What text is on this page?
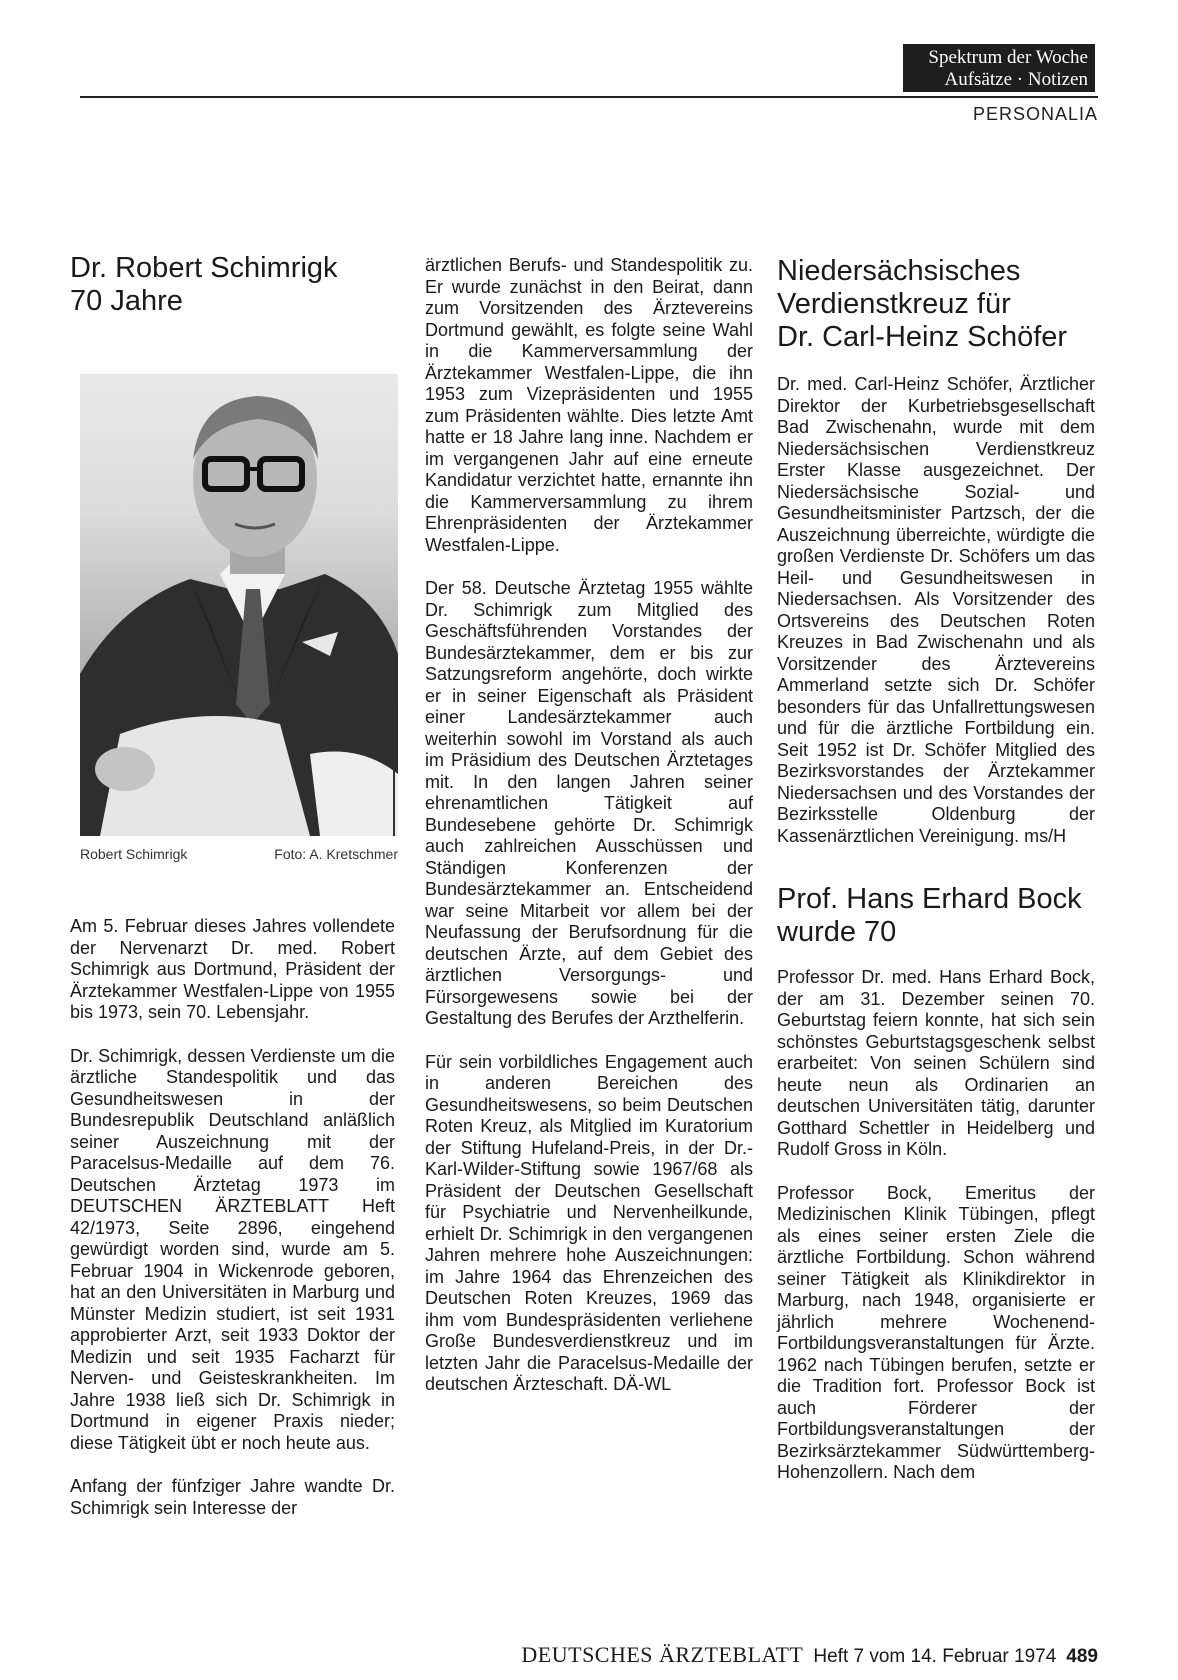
Spektrum der Woche
Aufsätze · Notizen
PERSONALIA
Dr. Robert Schimrigk
70 Jahre
Robert Schimrigk	Foto: A. Kretschmer

Am 5. Februar dieses Jahres vollendete der Nervenarzt Dr. med. Robert Schimrigk aus Dortmund, Präsident der Ärztekammer Westfalen-Lippe von 1955 bis 1973, sein 70. Lebensjahr.

Dr. Schimrigk, dessen Verdienste um die ärztliche Standespolitik und das Gesundheitswesen in der Bundesrepublik Deutschland anläßlich seiner Auszeichnung mit der Paracelsus-Medaille auf dem 76. Deutschen Ärztetag 1973 im DEUTSCHEN ÄRZTEBLATT Heft 42/1973, Seite 2896, eingehend gewürdigt worden sind, wurde am 5. Februar 1904 in Wickenrode geboren, hat an den Universitäten in Marburg und Münster Medizin studiert, ist seit 1931 approbierter Arzt, seit 1933 Doktor der Medizin und seit 1935 Facharzt für Nerven- und Geisteskrankheiten. Im Jahre 1938 ließ sich Dr. Schimrigk in Dortmund in eigener Praxis nieder; diese Tätigkeit übt er noch heute aus.

Anfang der fünfziger Jahre wandte Dr. Schimrigk sein Interesse der

ärztlichen Berufs- und Standespolitik zu. Er wurde zunächst in den Beirat, dann zum Vorsitzenden des Ärztevereins Dortmund gewählt, es folgte seine Wahl in die Kammerversammlung der Ärztekammer Westfalen-Lippe, die ihn 1953 zum Vizepräsidenten und 1955 zum Präsidenten wählte. Dies letzte Amt hatte er 18 Jahre lang inne. Nachdem er im vergangenen Jahr auf eine erneute Kandidatur verzichtet hatte, ernannte ihn die Kammerversammlung zu ihrem Ehrenpräsidenten der Ärztekammer Westfalen-Lippe.

Der 58. Deutsche Ärztetag 1955 wählte Dr. Schimrigk zum Mitglied des Geschäftsführenden Vorstandes der Bundesärztekammer, dem er bis zur Satzungsreform angehörte, doch wirkte er in seiner Eigenschaft als Präsident einer Landesärztekammer auch weiterhin sowohl im Vorstand als auch im Präsidium des Deutschen Ärztetages mit. In den langen Jahren seiner ehrenamtlichen Tätigkeit auf Bundesebene gehörte Dr. Schimrigk auch zahlreichen Ausschüssen und Ständigen Konferenzen der Bundesärztekammer an. Entscheidend war seine Mitarbeit vor allem bei der Neufassung der Berufsordnung für die deutschen Ärzte, auf dem Gebiet des ärztlichen Versorgungs- und Fürsorgewesens sowie bei der Gestaltung des Berufes der Arzthelferin.

Für sein vorbildliches Engagement auch in anderen Bereichen des Gesundheitswesens, so beim Deutschen Roten Kreuz, als Mitglied im Kuratorium der Stiftung Hufeland-Preis, in der Dr.-Karl-Wilder-Stiftung sowie 1967/68 als Präsident der Deutschen Gesellschaft für Psychiatrie und Nervenheilkunde, erhielt Dr. Schimrigk in den vergangenen Jahren mehrere hohe Auszeichnungen: im Jahre 1964 das Ehrenzeichen des Deutschen Roten Kreuzes, 1969 das ihm vom Bundespräsidenten verliehene Große Bundesverdienstkreuz und im letzten Jahr die Paracelsus-Medaille der deutschen Ärzteschaft. DÄ-WL

Niedersächsisches
Verdienstkreuz für
Dr. Carl-Heinz Schöfer

Dr. med. Carl-Heinz Schöfer, Ärztlicher Direktor der Kurbetriebsgesellschaft Bad Zwischenahn, wurde mit dem Niedersächsischen Verdienstkreuz Erster Klasse ausgezeichnet. Der Niedersächsische Sozial- und Gesundheitsminister Partzsch, der die Auszeichnung überreichte, würdigte die großen Verdienste Dr. Schöfers um das Heil- und Gesundheitswesen in Niedersachsen. Als Vorsitzender des Ortsvereins des Deutschen Roten Kreuzes in Bad Zwischenahn und als Vorsitzender des Ärztevereins Ammerland setzte sich Dr. Schöfer besonders für das Unfallrettungswesen und für die ärztliche Fortbildung ein. Seit 1952 ist Dr. Schöfer Mitglied des Bezirksvorstandes der Ärztekammer Niedersachsen und des Vorstandes der Bezirksstelle Oldenburg der Kassenärztlichen Vereinigung. ms/H

Prof. Hans Erhard Bock
wurde 70

Professor Dr. med. Hans Erhard Bock, der am 31. Dezember seinen 70. Geburtstag feiern konnte, hat sich sein schönstes Geburtstagsgeschenk selbst erarbeitet: Von seinen Schülern sind heute neun als Ordinarien an deutschen Universitäten tätig, darunter Gotthard Schettler in Heidelberg und Rudolf Gross in Köln.

Professor Bock, Emeritus der Medizinischen Klinik Tübingen, pflegt als eines seiner ersten Ziele die ärztliche Fortbildung. Schon während seiner Tätigkeit als Klinikdirektor in Marburg, nach 1948, organisierte er jährlich mehrere Wochenend-Fortbildungsveranstaltungen für Ärzte. 1962 nach Tübingen berufen, setzte er die Tradition fort. Professor Bock ist auch Förderer der Fortbildungsveranstaltungen der Bezirksärztekammer Südwürttemberg-Hohenzollern. Nach dem

DEUTSCHES ÄRZTEBLATT Heft 7 vom 14. Februar 1974 489
